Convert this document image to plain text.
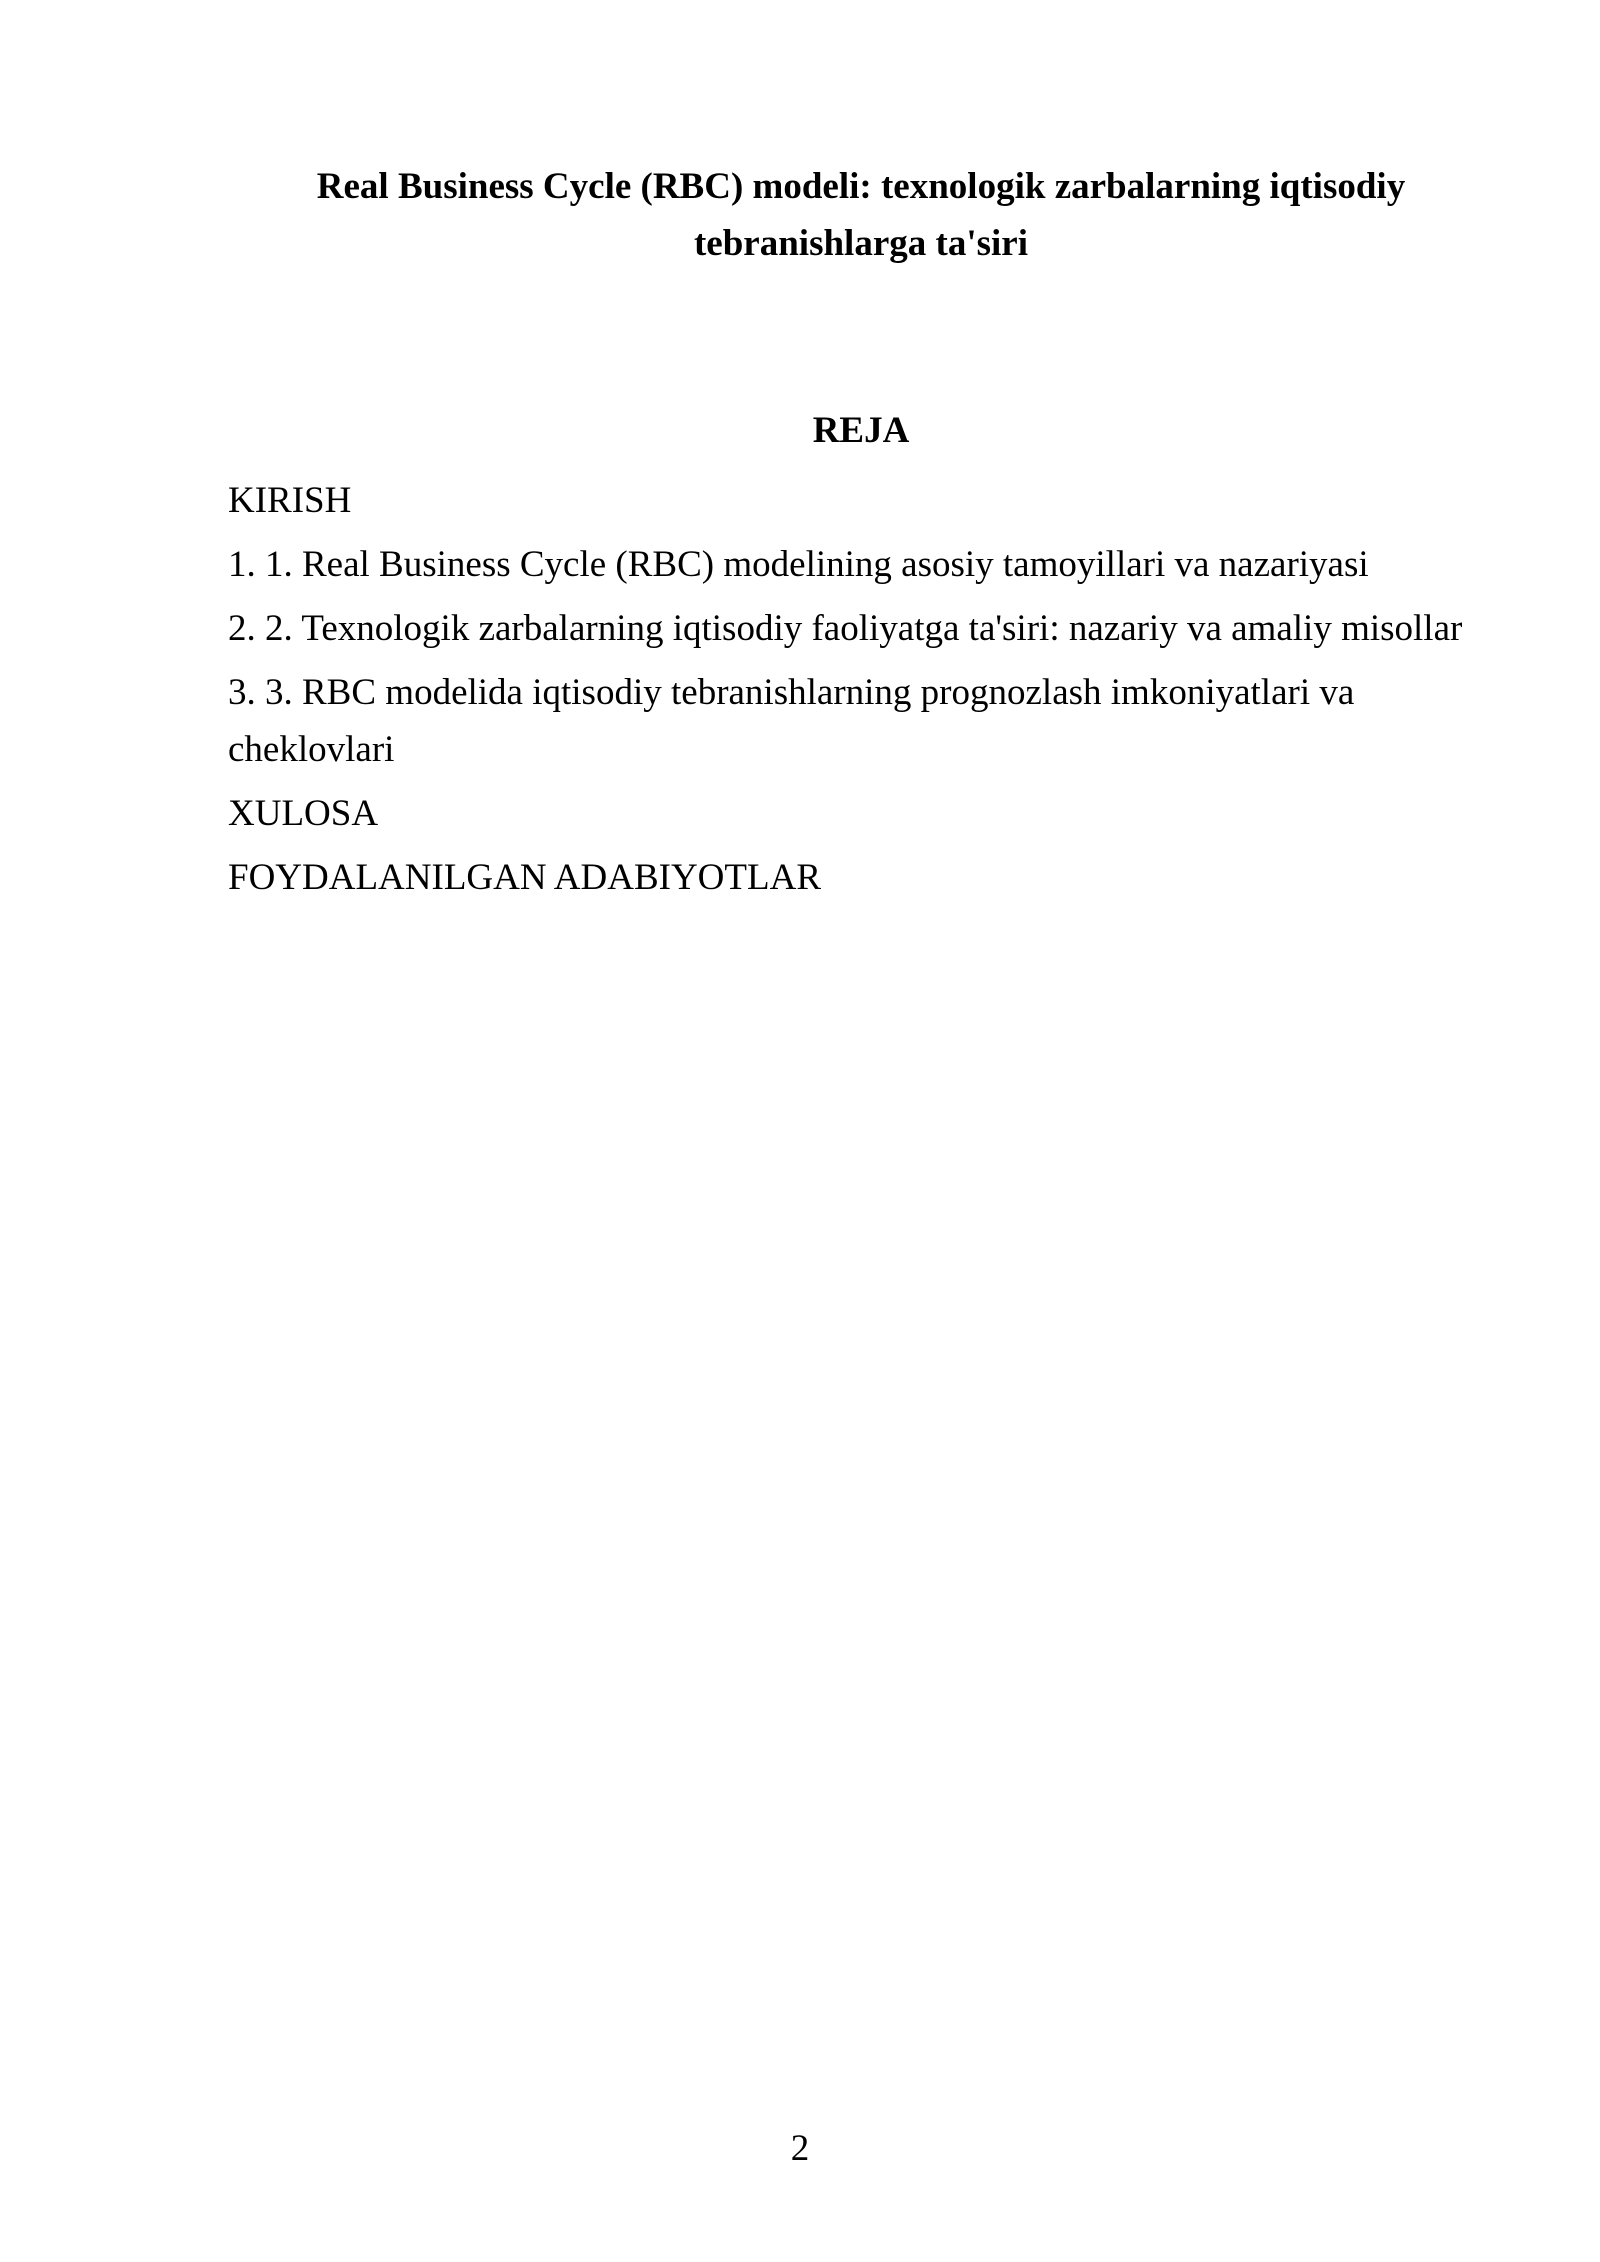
Real Business Cycle (RBC) modeli: texnologik zarbalarning iqtisodiy
tebranishlarga ta'siri
REJA
KIRISH
1. 1. Real Business Cycle (RBC) modelining asosiy tamoyillari va nazariyasi
2. 2. Texnologik zarbalarning iqtisodiy faoliyatga ta'siri: nazariy va amaliy misollar
3. 3. RBC modelida iqtisodiy tebranishlarning prognozlash imkoniyatlari va cheklovlari
XULOSA
FOYDALANILGAN ADABIYOTLAR
2
